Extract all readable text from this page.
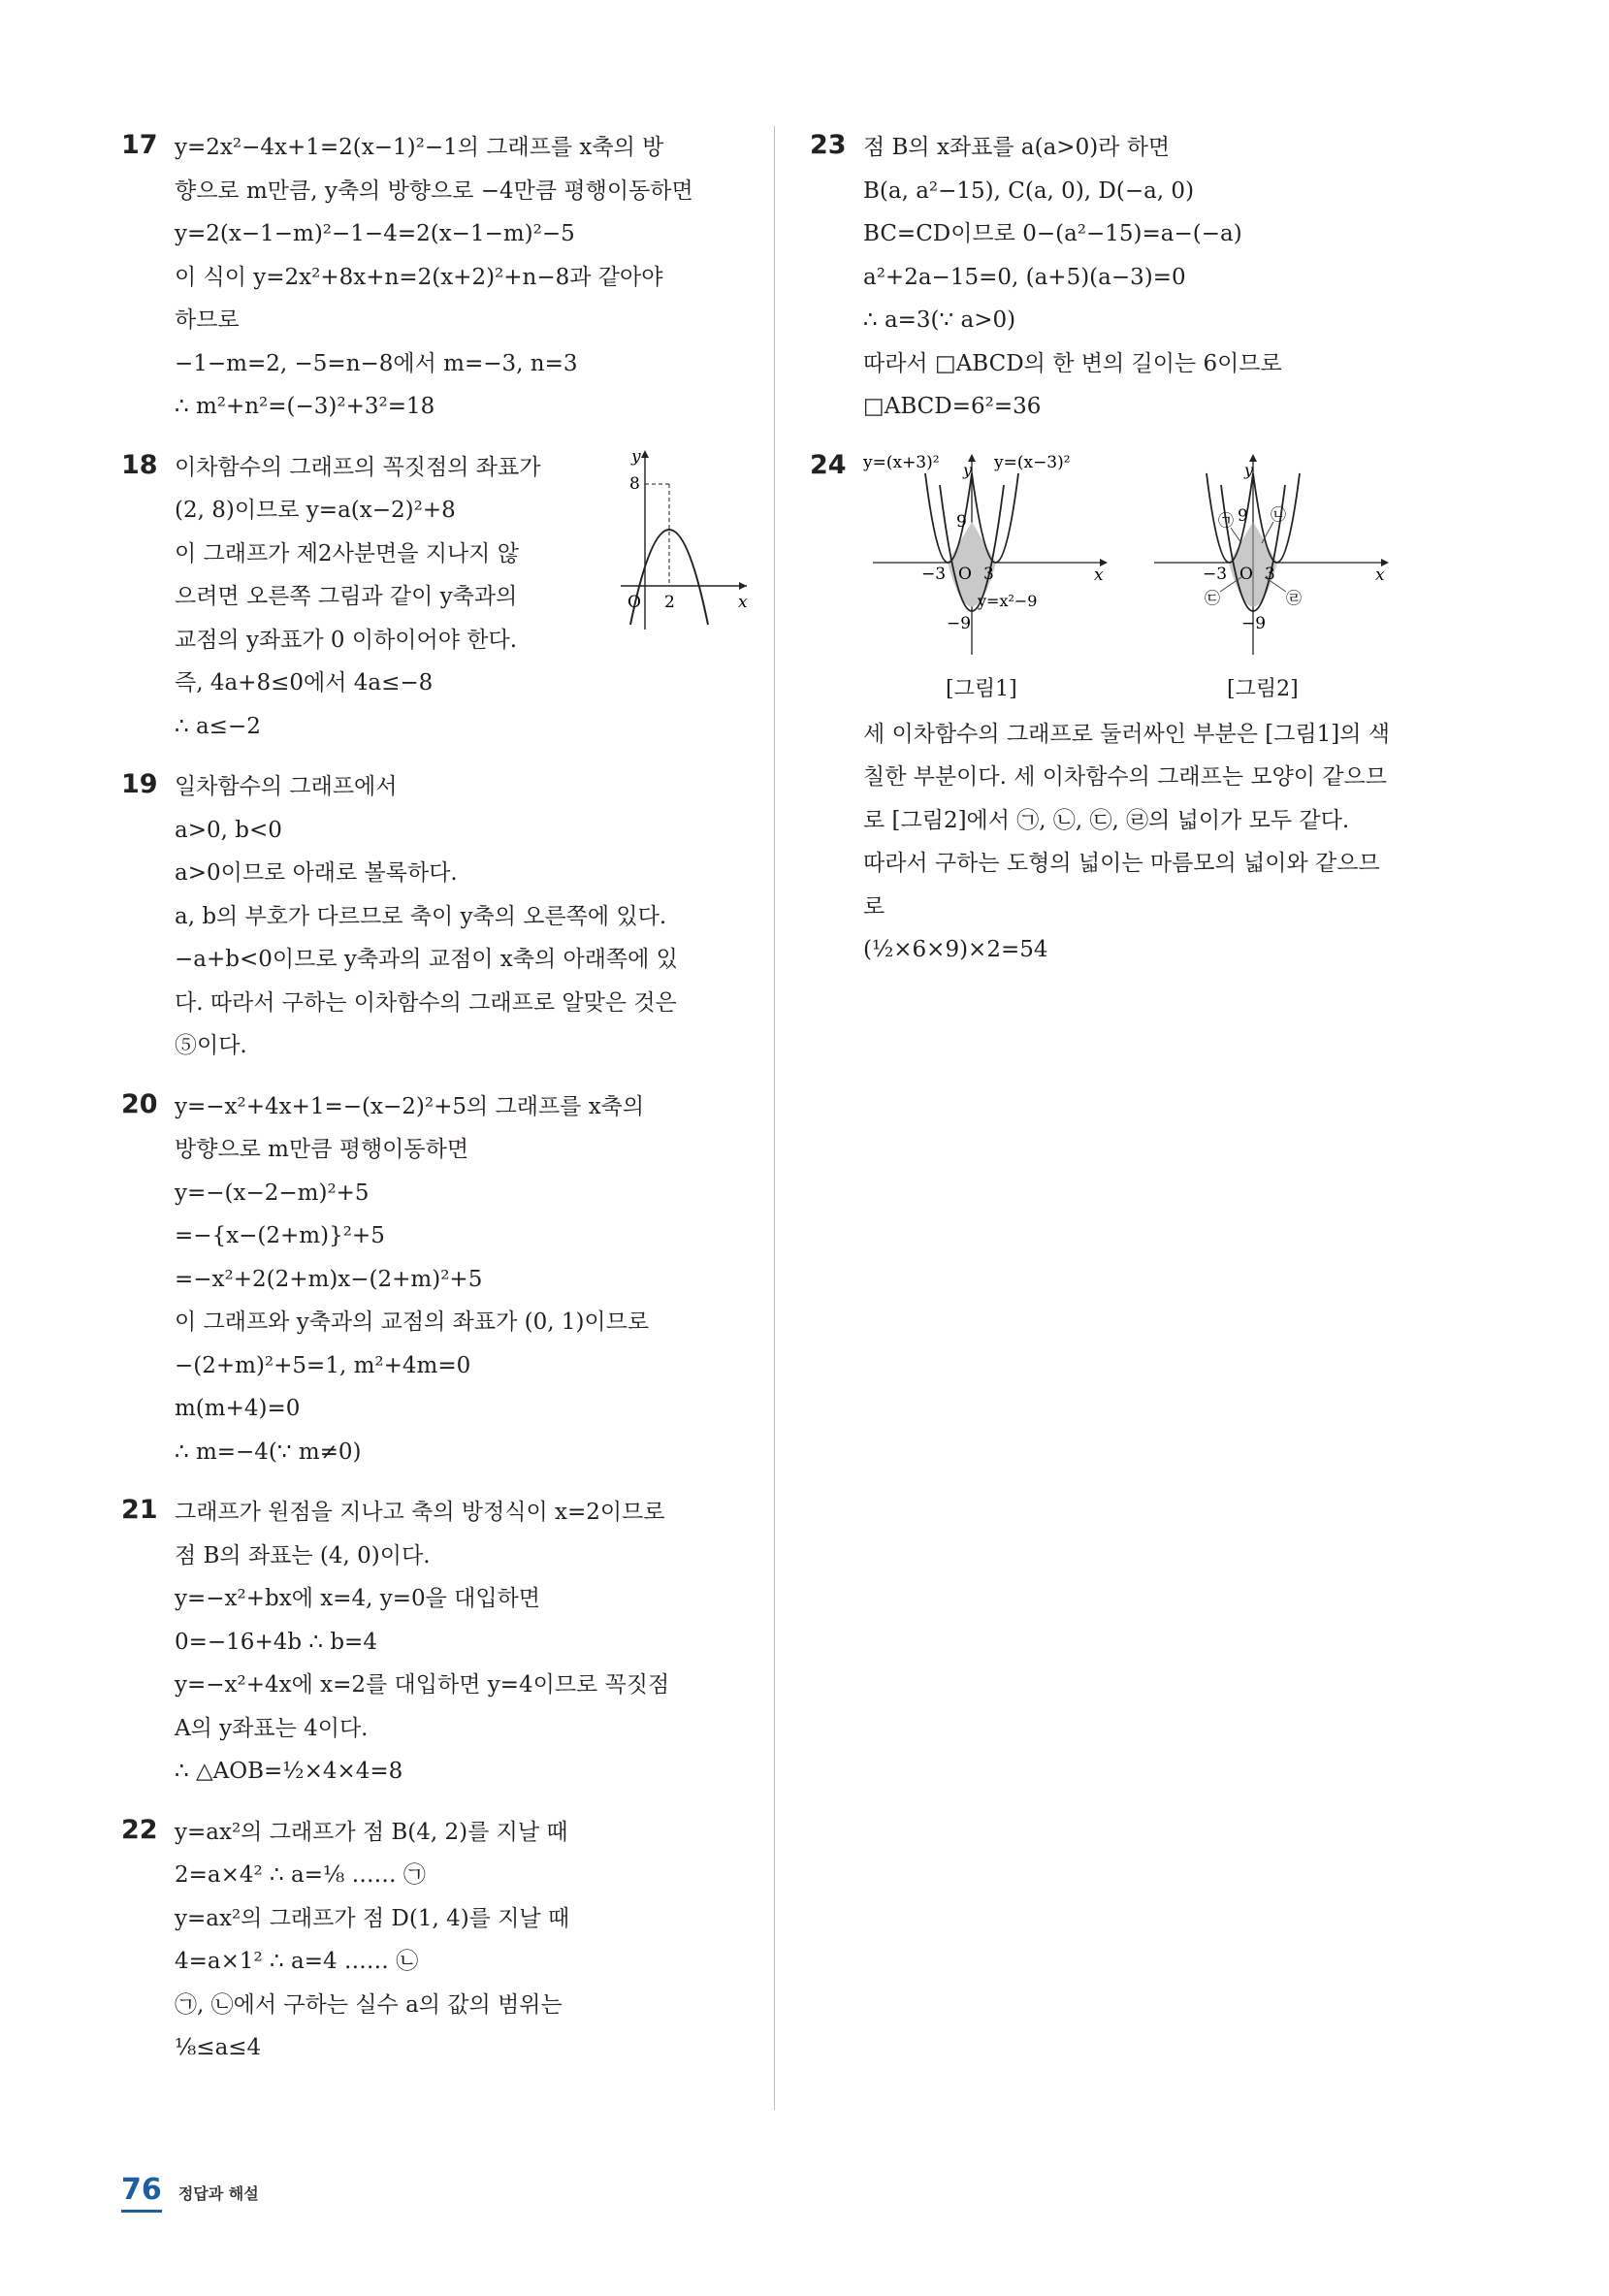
17 y=2x²−4x+1=2(x−1)²−1의 그래프를 x축의 방
향으로 m만큼, y축의 방향으로 −4만큼 평행이동하면
y=2(x−1−m)²−1−4=2(x−1−m)²−5
이 식이 y=2x²+8x+n=2(x+2)²+n−8과 같아야
하므로
−1−m=2, −5=n−8에서 m=−3, n=3
∴ m²+n²=(−3)²+3²=18
18 이차함수의 그래프의 꼭짓점의 좌표가
(2, 8)이므로 y=a(x−2)²+8
이 그래프가 제2사분면을 지나지 않
으려면 오른쪽 그림과 같이 y축과의
교점의 y좌표가 0 이하이어야 한다.
즉, 4a+8≤0에서 4a≤−8
∴ a≤−2
y
x
O 2
8
19 일차함수의 그래프에서
a>0, b<0
a>0이므로 아래로 볼록하다.
a, b의 부호가 다르므로 축이 y축의 오른쪽에 있다.
−a+b<0이므로 y축과의 교점이 x축의 아래쪽에 있
다. 따라서 구하는 이차함수의 그래프로 알맞은 것은
⑤이다.
20 y=−x²+4x+1=−(x−2)²+5의 그래프를 x축의
방향으로 m만큼 평행이동하면
y=−(x−2−m)²+5
=−{x−(2+m)}²+5
=−x²+2(2+m)x−(2+m)²+5
이 그래프와 y축과의 교점의 좌표가 (0, 1)이므로
−(2+m)²+5=1, m²+4m=0
m(m+4)=0
∴ m=−4(∵ m≠0)
21 그래프가 원점을 지나고 축의 방정식이 x=2이므로
점 B의 좌표는 (4, 0)이다.
y=−x²+bx에 x=4, y=0을 대입하면
0=−16+4b ∴ b=4
y=−x²+4x에 x=2를 대입하면 y=4이므로 꼭짓점
A의 y좌표는 4이다.
∴ △AOB=½×4×4=8
22 y=ax²의 그래프가 점 B(4, 2)를 지날 때
2=a×4² ∴ a=⅛ …… ㉠
y=ax²의 그래프가 점 D(1, 4)를 지날 때
4=a×1² ∴ a=4 …… ㉡
㉠, ㉡에서 구하는 실수 a의 값의 범위는
⅛≤a≤4
23 점 B의 x좌표를 a(a>0)라 하면
B(a, a²−15), C(a, 0), D(−a, 0)
BC=CD이므로 0−(a²−15)=a−(−a)
a²+2a−15=0, (a+5)(a−3)=0
∴ a=3(∵ a>0)
따라서 □ABCD의 한 변의 길이는 6이므로
□ABCD=6²=36
24 y=(x+3)²	y=(x−3)²
y
x
9
−3 O 3
−9
y=x²−9
y
x
9
−3 O 3
−9
㉠ ㉡
㉢	㉣
[그림1]	[그림2]
세 이차함수의 그래프로 둘러싸인 부분은 [그림1]의 색
칠한 부분이다. 세 이차함수의 그래프는 모양이 같으므
로 [그림2]에서 ㉠, ㉡, ㉢, ㉣의 넓이가 모두 같다.
따라서 구하는 도형의 넓이는 마름모의 넓이와 같으므
로
(½×6×9)×2=54
76 정답과 해설
